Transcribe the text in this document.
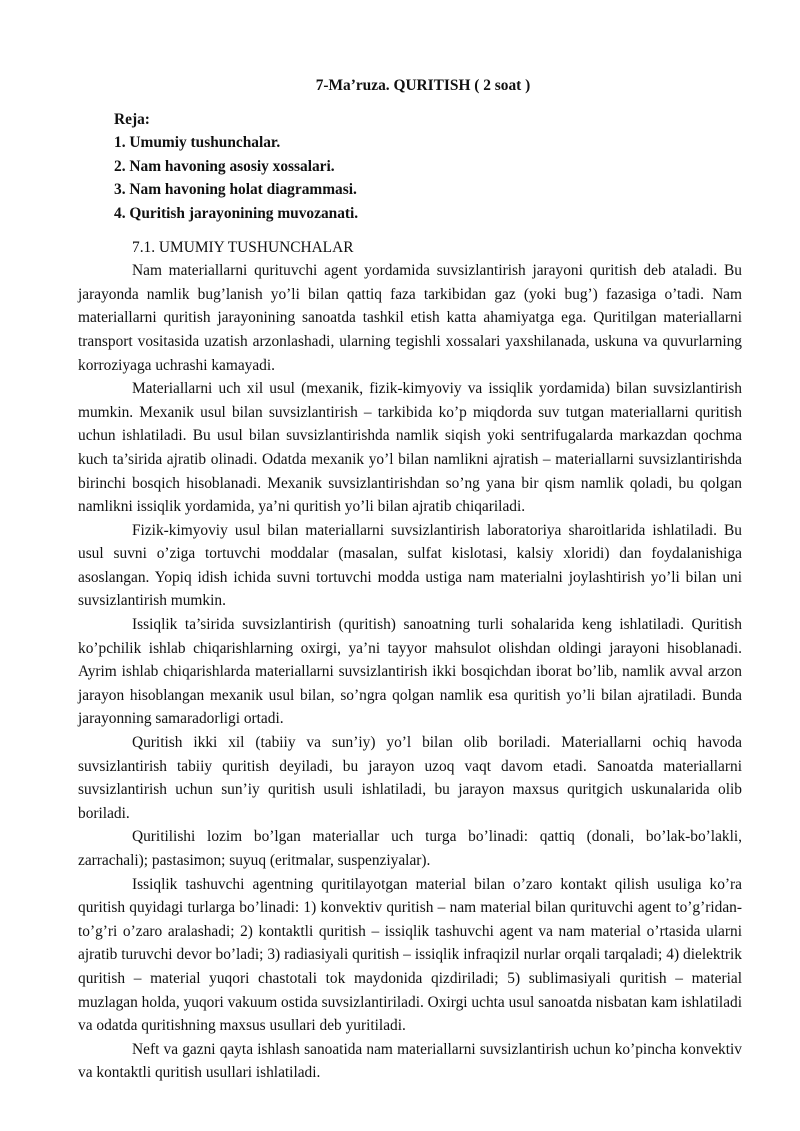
7-Ma’ruza. QURITISH ( 2 soat )
Reja:
1. Umumiy tushunchalar.
2. Nam havoning asosiy xossalari.
3. Nam havoning holat diagrammasi.
4. Quritish jarayonining muvozanati.
7.1. UMUMIY TUSHUNCHALAR

Nam materiallarni qurituvchi agent yordamida suvsizlantirish jarayoni quritish deb ataladi. Bu jarayonda namlik bug’lanish yo’li bilan qattiq faza tarkibidan gaz (yoki bug’) fazasiga o’tadi. Nam materiallarni quritish jarayonining sanoatda tashkil etish katta ahamiyatga ega. Quritilgan materiallarni transport vositasida uzatish arzonlashadi, ularning tegishli xossalari yaxshilanada, uskuna va quvurlarning korroziyaga uchrashi kamayadi.

Materiallarni uch xil usul (mexanik, fizik-kimyoviy va issiqlik yordamida) bilan suvsizlantirish mumkin. Mexanik usul bilan suvsizlantirish – tarkibida ko’p miqdorda suv tutgan materiallarni quritish uchun ishlatiladi. Bu usul bilan suvsizlantirishda namlik siqish yoki sentrifugalarda markazdan qochma kuch ta’sirida ajratib olinadi. Odatda mexanik yo’l bilan namlikni ajratish – materiallarni suvsizlantirishda birinchi bosqich hisoblanadi. Mexanik suvsizlantirishdan so’ng yana bir qism namlik qoladi, bu qolgan namlikni issiqlik yordamida, ya’ni quritish yo’li bilan ajratib chiqariladi.

Fizik-kimyoviy usul bilan materiallarni suvsizlantirish laboratoriya sharoitlarida ishlatiladi. Bu usul suvni o’ziga tortuvchi moddalar (masalan, sulfat kislotasi, kalsiy xloridi) dan foydalanishiga asoslangan. Yopiq idish ichida suvni tortuvchi modda ustiga nam materialni joylashtirish yo’li bilan uni suvsizlantirish mumkin.

Issiqlik ta’sirida suvsizlantirish (quritish) sanoatning turli sohalarida keng ishlatiladi. Quritish ko’pchilik ishlab chiqarishlarning oxirgi, ya’ni tayyor mahsulot olishdan oldingi jarayoni hisoblanadi. Ayrim ishlab chiqarishlarda materiallarni suvsizlantirish ikki bosqichdan iborat bo’lib, namlik avval arzon jarayon hisoblangan mexanik usul bilan, so’ngra qolgan namlik esa quritish yo’li bilan ajratiladi. Bunda jarayonning samaradorligi ortadi.

Quritish ikki xil (tabiiy va sun’iy) yo’l bilan olib boriladi. Materiallarni ochiq havoda suvsizlantirish tabiiy quritish deyiladi, bu jarayon uzoq vaqt davom etadi. Sanoatda materiallarni suvsizlantirish uchun sun’iy quritish usuli ishlatiladi, bu jarayon maxsus quritgich uskunalarida olib boriladi.

Quritilishi lozim bo’lgan materiallar uch turga bo’linadi: qattiq (donali, bo’lak-bo’lakli, zarrachali); pastasimon; suyuq (eritmalar, suspenziyalar).

Issiqlik tashuvchi agentning quritilayotgan material bilan o’zaro kontakt qilish usuliga ko’ra quritish quyidagi turlarga bo’linadi: 1) konvektiv quritish – nam material bilan qurituvchi agent to’g’ridan-to’g’ri o’zaro aralashadi; 2) kontaktli quritish – issiqlik tashuvchi agent va nam material o’rtasida ularni ajratib turuvchi devor bo’ladi; 3) radiasiyali quritish – issiqlik infraqizil nurlar orqali tarqaladi; 4) dielektrik quritish – material yuqori chastotali tok maydonida qizdiriladi; 5) sublimasiyali quritish – material muzlagan holda, yuqori vakuum ostida suvsizlantiriladi. Oxirgi uchta usul sanoatda nisbatan kam ishlatiladi va odatda quritishning maxsus usullari deb yuritiladi.

Neft va gazni qayta ishlash sanoatida nam materiallarni suvsizlantirish uchun ko’pincha konvektiv va kontaktli quritish usullari ishlatiladi.
